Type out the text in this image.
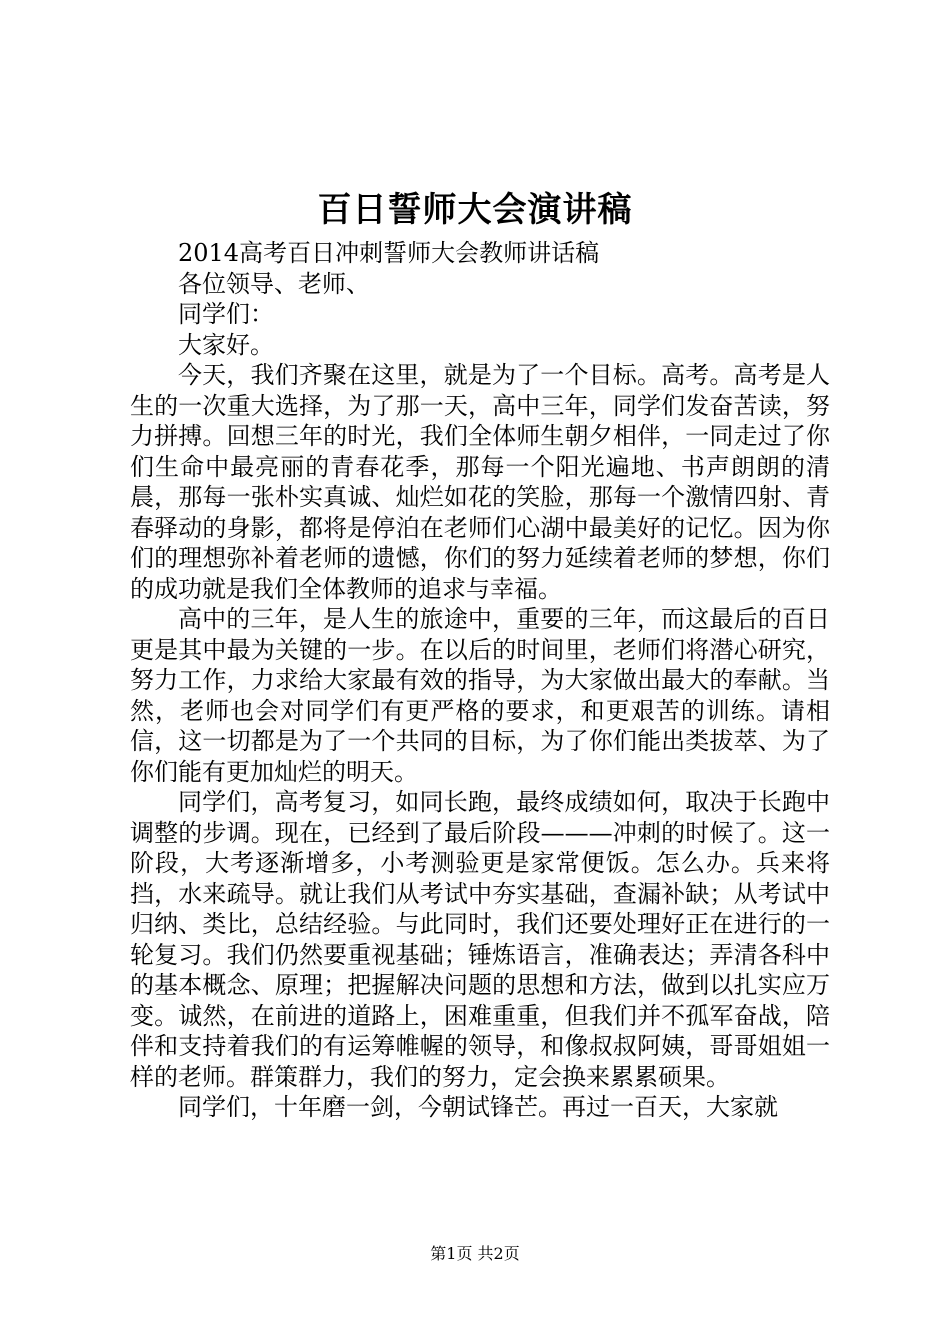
百日誓师大会演讲稿

2014高考百日冲刺誓师大会教师讲话稿

各位领导、老师、

同学们：

大家好。

今天，我们齐聚在这里，就是为了一个目标。高考。高考是人生的一次重大选择，为了那一天，高中三年，同学们发奋苦读，努力拼搏。回想三年的时光，我们全体师生朝夕相伴，一同走过了你们生命中最亮丽的青春花季，那每一个阳光遍地、书声朗朗的清晨，那每一张朴实真诚、灿烂如花的笑脸，那每一个激情四射、青春驿动的身影，都将是停泊在老师们心湖中最美好的记忆。因为你们的理想弥补着老师的遗憾，你们的努力延续着老师的梦想，你们的成功就是我们全体教师的追求与幸福。

高中的三年，是人生的旅途中，重要的三年，而这最后的百日更是其中最为关键的一步。在以后的时间里，老师们将潜心研究，努力工作，力求给大家最有效的指导，为大家做出最大的奉献。当然，老师也会对同学们有更严格的要求，和更艰苦的训练。请相信，这一切都是为了一个共同的目标，为了你们能出类拔萃、为了你们能有更加灿烂的明天。

同学们，高考复习，如同长跑，最终成绩如何，取决于长跑中调整的步调。现在，已经到了最后阶段———冲刺的时候了。这一阶段，大考逐渐增多，小考测验更是家常便饭。怎么办。兵来将挡，水来疏导。就让我们从考试中夯实基础，查漏补缺；从考试中归纳、类比，总结经验。与此同时，我们还要处理好正在进行的一轮复习。我们仍然要重视基础；锤炼语言，准确表达；弄清各科中的基本概念、原理；把握解决问题的思想和方法，做到以扎实应万变。诚然，在前进的道路上，困难重重，但我们并不孤军奋战，陪伴和支持着我们的有运筹帷幄的领导，和像叔叔阿姨，哥哥姐姐一样的老师。群策群力，我们的努力，定会换来累累硕果。

同学们，十年磨一剑，今朝试锋芒。再过一百天，大家就

第1页 共2页
